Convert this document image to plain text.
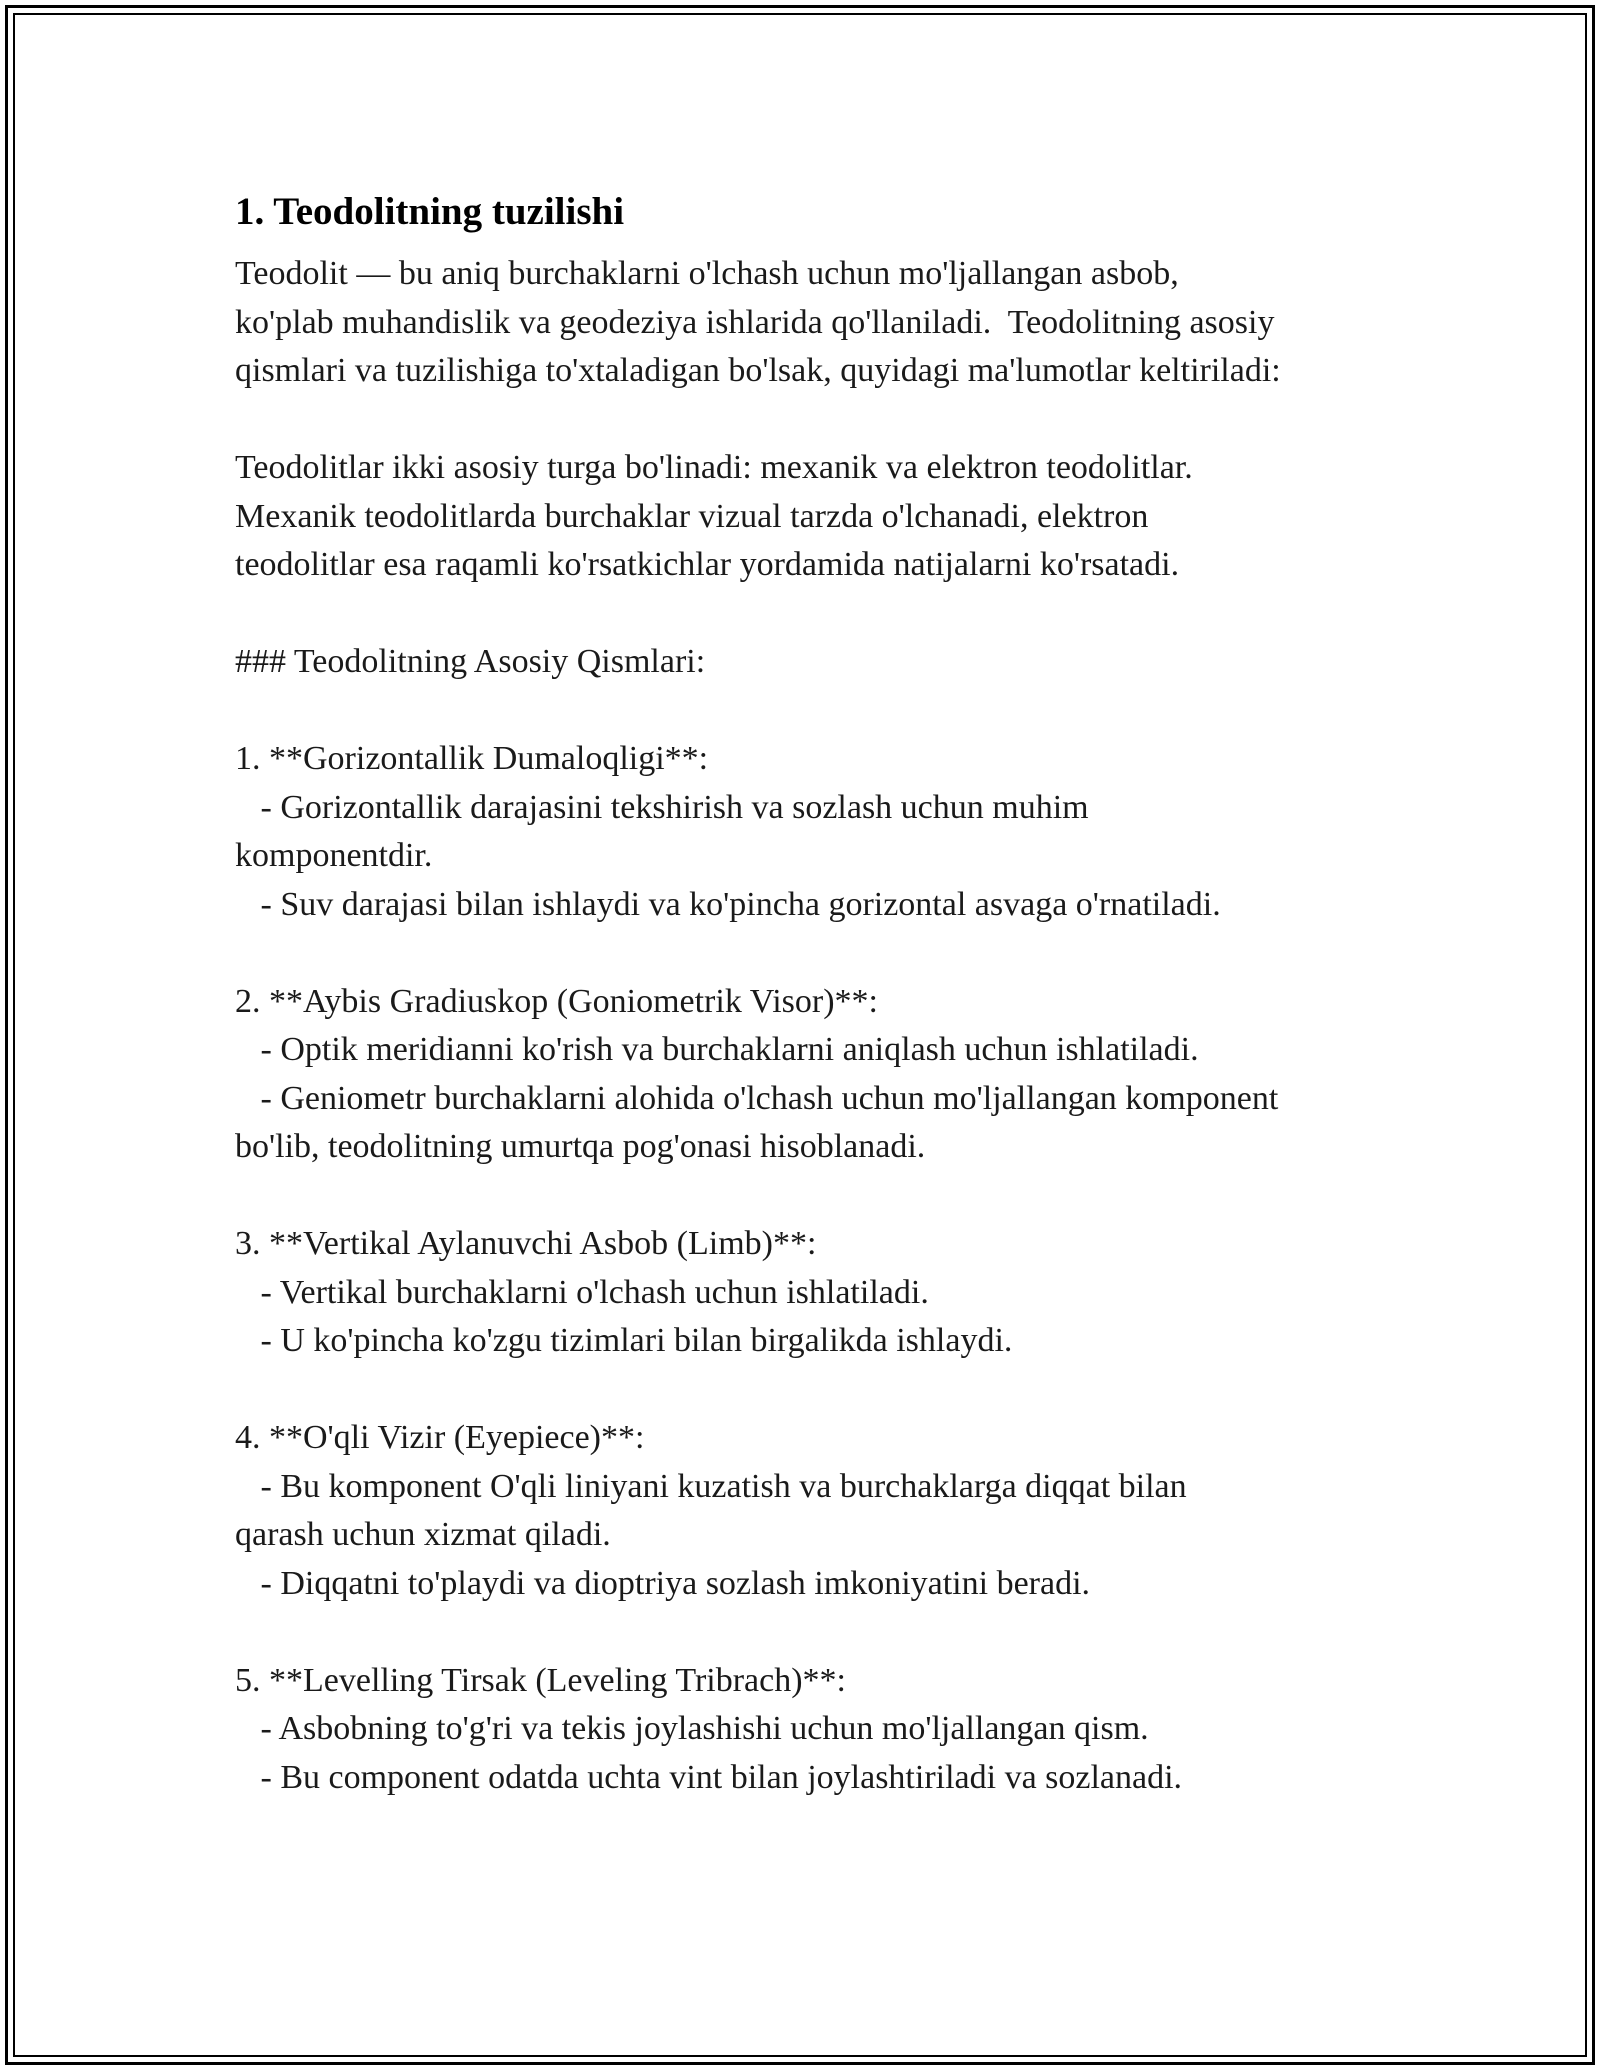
1. Teodolitning tuzilishi
Teodolit — bu aniq burchaklarni o'lchash uchun mo'ljallangan asbob,
ko'plab muhandislik va geodeziya ishlarida qo'llaniladi.  Teodolitning asosiy
qismlari va tuzilishiga to'xtaladigan bo'lsak, quyidagi ma'lumotlar keltiriladi:
Teodolitlar ikki asosiy turga bo'linadi: mexanik va elektron teodolitlar.
Mexanik teodolitlarda burchaklar vizual tarzda o'lchanadi, elektron
teodolitlar esa raqamli ko'rsatkichlar yordamida natijalarni ko'rsatadi.
### Teodolitning Asosiy Qismlari:
1. **Gorizontallik Dumaloqligi**:
- Gorizontallik darajasini tekshirish va sozlash uchun muhim
komponentdir.
- Suv darajasi bilan ishlaydi va ko'pincha gorizontal asvaga o'rnatiladi.
2. **Aybis Gradiuskop (Goniometrik Visor)**:
- Optik meridianni ko'rish va burchaklarni aniqlash uchun ishlatiladi.
- Geniometr burchaklarni alohida o'lchash uchun mo'ljallangan komponent
bo'lib, teodolitning umurtqa pog'onasi hisoblanadi.
3. **Vertikal Aylanuvchi Asbob (Limb)**:
- Vertikal burchaklarni o'lchash uchun ishlatiladi.
- U ko'pincha ko'zgu tizimlari bilan birgalikda ishlaydi.
4. **O'qli Vizir (Eyepiece)**:
- Bu komponent O'qli liniyani kuzatish va burchaklarga diqqat bilan
qarash uchun xizmat qiladi.
- Diqqatni to'playdi va dioptriya sozlash imkoniyatini beradi.
5. **Levelling Tirsak (Leveling Tribrach)**:
- Asbobning to'g'ri va tekis joylashishi uchun mo'ljallangan qism.
- Bu component odatda uchta vint bilan joylashtiriladi va sozlanadi.
